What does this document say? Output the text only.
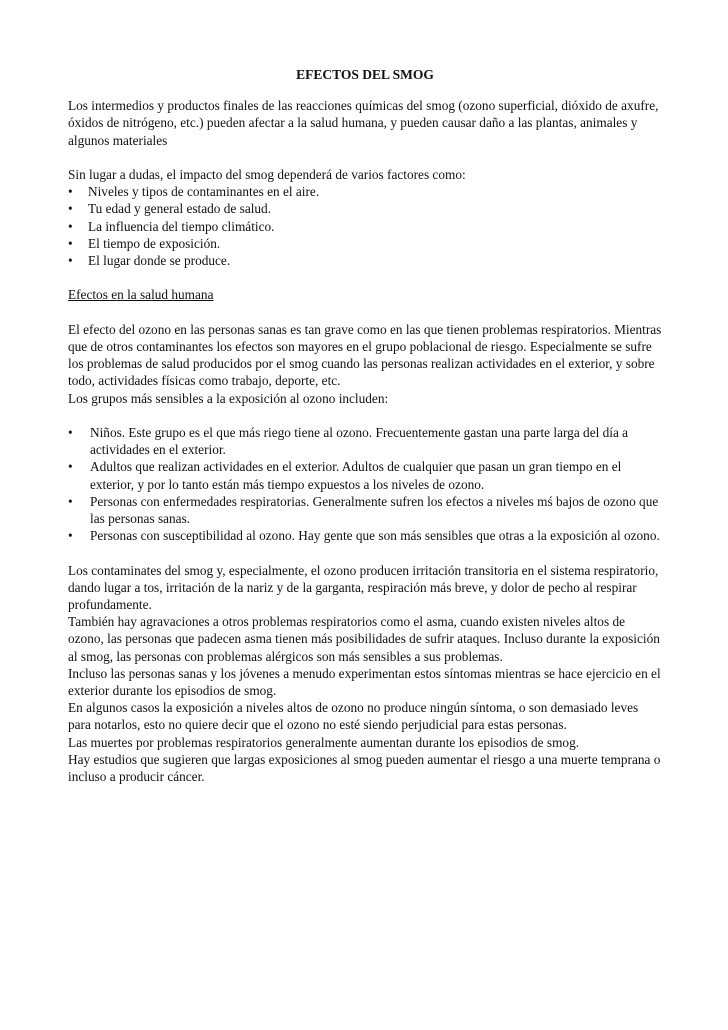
EFECTOS DEL SMOG

Los intermedios y productos finales de las reacciones químicas del smog (ozono superficial, dióxido de axufre, óxidos de nitrógeno, etc.) pueden afectar a la salud humana, y pueden causar daño a las plantas, animales y algunos materiales

Sin lugar a dudas, el impacto del smog dependerá de varios factores como:

•	Niveles y tipos de contaminantes en el aire.
•	Tu edad y general estado de salud.
•	La influencia del tiempo climático.
•	El tiempo de exposición.
•	El lugar donde se produce.

Efectos en la salud humana

El efecto del ozono en las personas sanas es tan grave como en las que tienen problemas respiratorios. Mientras que de otros contaminantes los efectos son mayores en el grupo poblacional de riesgo. Especialmente se sufre los problemas de salud producidos por el smog cuando las personas realizan actividades en el exterior, y sobre todo, actividades físicas como trabajo, deporte, etc.

Los grupos más sensibles a la exposición al ozono includen:

•	Niños. Este grupo es el que más riego tiene al ozono. Frecuentemente gastan una parte larga del día a actividades en el exterior.
•	Adultos que realizan actividades en el exterior. Adultos de cualquier que pasan un gran tiempo en el exterior, y por lo tanto están más tiempo expuestos a los niveles de ozono.
•	Personas con enfermedades respiratorias. Generalmente sufren los efectos a niveles mś bajos de ozono que las personas sanas.
•	Personas con susceptibilidad al ozono. Hay gente que son más sensibles que otras a la exposición al ozono.

Los contaminates del smog y, especialmente, el ozono producen irritación transitoria en el sistema respiratorio, dando lugar a tos, irritación de la nariz y de la garganta, respiración más breve, y dolor de pecho al respirar profundamente.

También hay agravaciones a otros problemas respiratorios como el asma, cuando existen niveles altos de ozono, las personas que padecen asma tienen más posibilidades de sufrir ataques. Incluso durante la exposición al smog, las personas con problemas alérgicos son más sensibles a sus problemas.

Incluso las personas sanas y los jóvenes a menudo experimentan estos síntomas mientras se hace ejercicio en el exterior durante los episodios de smog.

En algunos casos la exposición a niveles altos de ozono no produce ningún síntoma, o son demasiado leves para notarlos, esto no quiere decir que el ozono no esté siendo perjudicial para estas personas.

Las muertes por problemas respiratorios generalmente aumentan durante los episodios de smog.

Hay estudios que sugieren que largas exposiciones al smog pueden aumentar el riesgo a una muerte temprana o incluso a producir cáncer.
